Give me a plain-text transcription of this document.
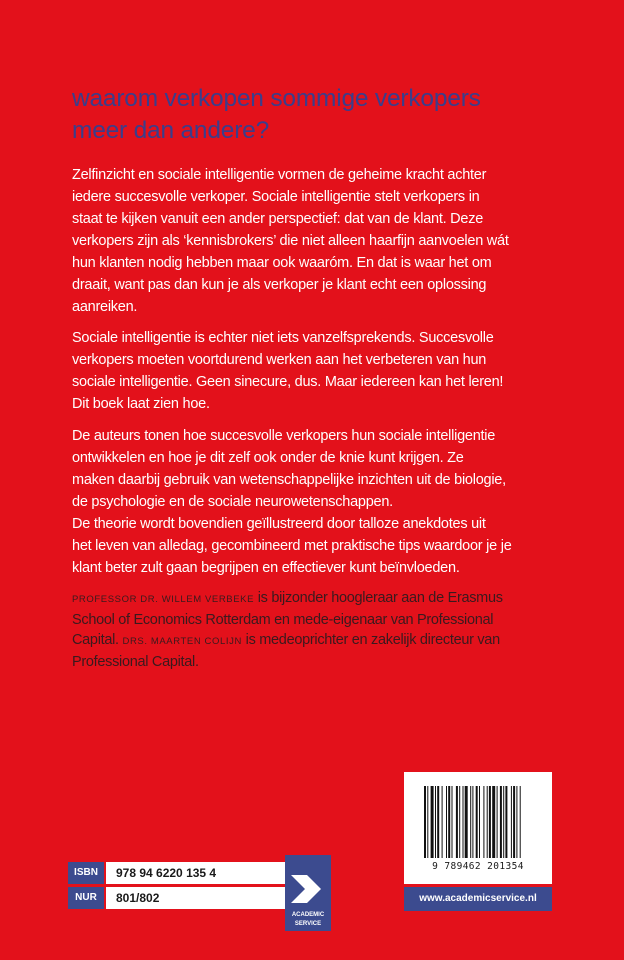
waarom verkopen sommige verkopers
meer dan andere?

Zelfinzicht en sociale intelligentie vormen de geheime kracht achter
iedere succesvolle verkoper. Sociale intelligentie stelt verkopers in
staat te kijken vanuit een ander perspectief: dat van de klant. Deze
verkopers zijn als ‘kennisbrokers’ die niet alleen haarfijn aanvoelen wát
hun klanten nodig hebben maar ook waaróm. En dat is waar het om
draait, want pas dan kun je als verkoper je klant echt een oplossing
aanreiken.

Sociale intelligentie is echter niet iets vanzelfsprekends. Succesvolle
verkopers moeten voortdurend werken aan het verbeteren van hun
sociale intelligentie. Geen sinecure, dus. Maar iedereen kan het leren!
Dit boek laat zien hoe.

De auteurs tonen hoe succesvolle verkopers hun sociale intelligentie
ontwikkelen en hoe je dit zelf ook onder de knie kunt krijgen. Ze
maken daarbij gebruik van wetenschappelijke inzichten uit de biologie,
de psychologie en de sociale neurowetenschappen.
De theorie wordt bovendien geïllustreerd door talloze anekdotes uit
het leven van alledag, gecombineerd met praktische tips waardoor je je
klant beter zult gaan begrijpen en effectiever kunt beïnvloeden.

PROFESSOR DR. WILLEM VERBEKE is bijzonder hoogleraar aan de Erasmus
School of Economics Rotterdam en mede-eigenaar van Professional
Capital. DRS. MAARTEN COLIJN is medeoprichter en zakelijk directeur van
Professional Capital.

9 789462 201354
www.academicservice.nl
ISBN	978 94 6220 135 4
NUR	801/802
ACADEMIC
SERVICE
